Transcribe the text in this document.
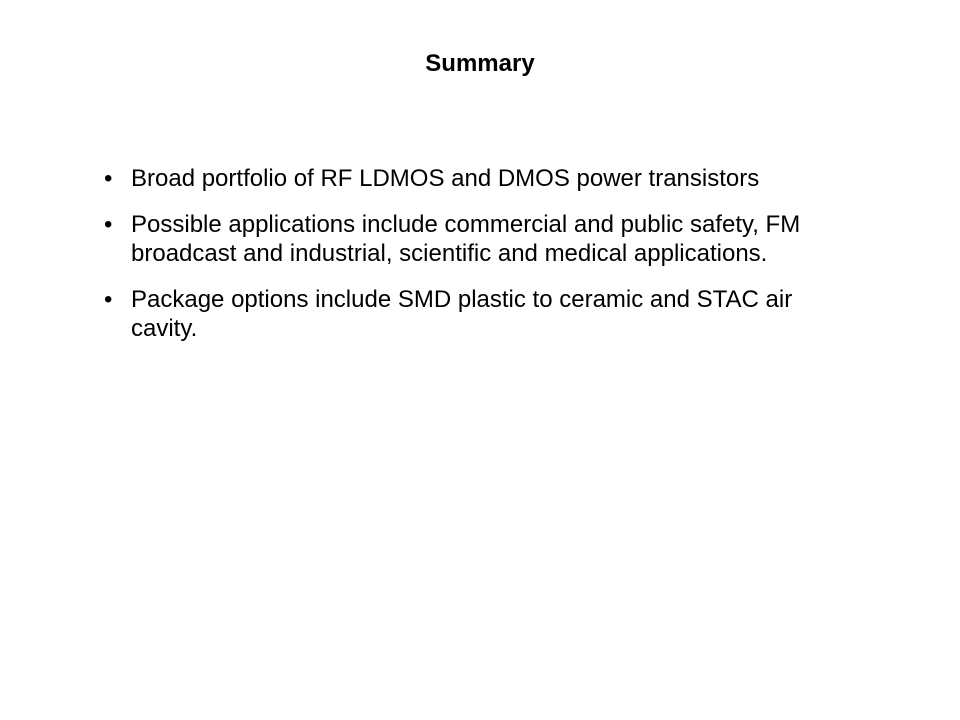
Summary
• Broad portfolio of RF LDMOS and DMOS power transistors
• Possible applications include commercial and public safety, FM broadcast and industrial, scientific and medical applications.
• Package options include SMD plastic to ceramic and STAC air cavity.
